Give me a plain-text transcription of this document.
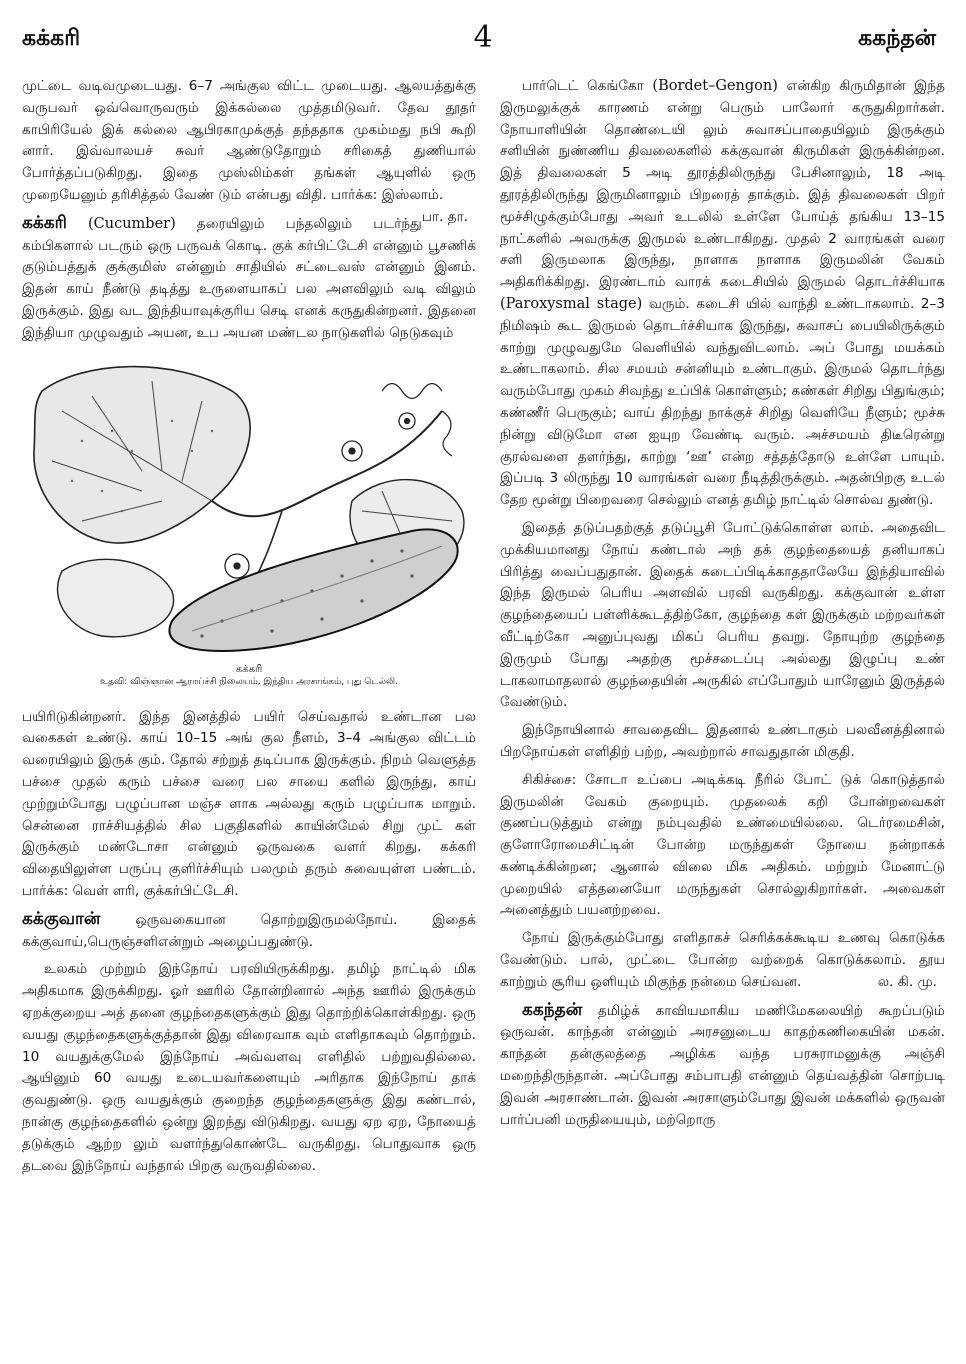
கக்கரி	4	ககந்தன்

முட்டை வடிவமுடையது. 6–7 அங்குல விட்ட முடையது. ஆலயத்துக்கு வருபவர் ஒவ்வொருவரும் இக்கல்லை முத்தமிடுவர். தேவ தூதர் காபிரியேல் இக் கல்லை ஆபிரகாமுக்குத் தந்ததாக முகம்மது நபி கூறி னார். இவ்வாலயச் சுவர் ஆண்டுதோறும் சரிகைத் துணியால் போர்த்தப்படுகிறது. இதை முஸ்லிம்கள் தங்கள் ஆயுளில் ஒரு முறையேனும் தரிசித்தல் வேண் டும் என்பது விதி. பார்க்க: இஸ்லாம்.
பா. தா.

கக்கரி (Cucumber) தரையிலும் பந்தலிலும் படர்ந்து கம்பிகளால் படரும் ஒரு பருவக் கொடி. குக் கர்பிட்டேசி என்னும் பூசணிக் குடும்பத்துக் குக்குமிஸ் என்னும் சாதியில் சட்டைவஸ் என்னும் இனம். இதன் காய் நீண்டு தடித்து உருளையாகப் பல அளவிலும் வடி விலும் இருக்கும். இது வட இந்தியாவுக்குரிய செடி எனக் கருதுகின்றனர். இதனை இந்தியா முழுவதும் அயன, உப அயன மண்டல நாடுகளில் நெடுகவும்

கக்கரி
உதவி: விஞ்ஞான ஆராய்ச்சி நிலையம், இந்திய அரசாங்கம், புது டெல்லி.

பயிரிடுகின்றனர். இந்த இனத்தில் பயிர் செய்வதால் உண்டான பல வகைகள் உண்டு. காய் 10–15 அங் குல நீளம், 3–4 அங்குல விட்டம் வரையிலும் இருக் கும். தோல் சற்றுத் தடிப்பாக இருக்கும். நிறம் வெளுத்த பச்சை முதல் கரும் பச்சை வரை பல சாயை களில் இருந்து, காய் முற்றும்போது பழுப்பான மஞ்ச ளாக அல்லது கரும் பழுப்பாக மாறும். சென்னை ராச்சியத்தில் சில பகுதிகளில் காயின்மேல் சிறு முட் கள் இருக்கும் மண்டோசா என்னும் ஒருவகை வளர் கிறது. கக்கரி விதையிலுள்ள பருப்பு குளிர்ச்சியும் பலமும் தரும் சுவையுள்ள பண்டம். பார்க்க: வெள் ளரி, குக்கர்பிட்டேசி.

கக்குவான்	ஒருவகையான தொற்றுஇருமல்நோய். இதைக் கக்குவாய்,பெருஞ்சளிஎன்றும் அழைப்பதுண்டு.

உலகம் முற்றும் இந்நோய் பரவியிருக்கிறது. தமிழ் நாட்டில் மிக அதிகமாக இருக்கிறது. ஓர் ஊரில் தோன்றினால் அந்த ஊரில் இருக்கும் ஏறக்குறைய அத் தனை குழந்தைகளுக்கும் இது தொற்றிக்கொள்கிறது. ஒரு வயது குழந்தைகளுக்குத்தான் இது விரைவாக வும் எளிதாகவும் தொற்றும். 10 வயதுக்குமேல் இந்நோய் அவ்வளவு எளிதில் பற்றுவதில்லை. ஆயினும் 60 வயது உடையவர்களையும் அரிதாக இந்நோய் தாக் குவதுண்டு. ஒரு வயதுக்கும் குறைந்த குழந்தைகளுக்கு இது கண்டால், நான்கு குழந்தைகளில் ஒன்று இறந்து விடுகிறது. வயது ஏற ஏற, நோயைத் தடுக்கும் ஆற்ற லும் வளர்ந்துகொண்டே வருகிறது. பொதுவாக ஒரு தடவை இந்நோய் வந்தால் பிறகு வருவதில்லை.

பார்டெட் கெங்கோ (Bordet–Gengon) என்கிற கிருமிதான் இந்த இருமலுக்குக் காரணம் என்று பெரும் பாலோர் கருதுகிறார்கள். நோயாளியின் தொண்டையி லும் சுவாசப்பாதையிலும் இருக்கும் சளியின் நுண்ணிய திவலைகளில் கக்குவான் கிருமிகள் இருக்கின்றன. இத் திவலைகள் 5 அடி தூரத்திலிருந்து பேசினாலும், 18 அடி தூரத்திலிருந்து இருமினாலும் பிறரைத் தாக்கும். இத் திவலைகள் பிறர் மூச்சிழுக்கும்போது அவர் உடலில் உள்ளே போய்த் தங்கிய 13–15 நாட்களில் அவருக்கு இருமல் உண்டாகிறது. முதல் 2 வாரங்கள் வரை சளி இருமலாக இருந்து, நாளாக நாளாக இருமலின் வேகம் அதிகரிக்கிறது. இரண்டாம் வாரக் கடைசியில் இருமல் தொடர்ச்சியாக (Paroxysmal stage) வரும். கடைசி யில் வாந்தி உண்டாகலாம். 2–3 நிமிஷம் கூட இருமல் தொடர்ச்சியாக இருந்து, சுவாசப் பையிலிருக்கும் காற்று முழுவதுமே வெளியில் வந்துவிடலாம். அப் போது மயக்கம் உண்டாகலாம். சில சமயம் சன்னியும் உண்டாகும். இருமல் தொடர்ந்து வரும்போது முகம் சிவந்து உப்பிக் கொள்ளும்; கண்கள் சிறிது பிதுங்கும்; கண்ணீர் பெருகும்; வாய் திறந்து நாக்குச் சிறிது வெளியே நீளும்; மூச்சு நின்று விடுமோ என ஐயுற வேண்டி வரும். அச்சமயம் திடீரென்று குரல்வளை தளர்ந்து, காற்று ‘ஊ’ என்ற சத்தத்தோடு உள்ளே பாயும். இப்படி 3 லிருந்து 10 வாரங்கள் வரை நீடித்திருக்கும். அதன்பிறகு உடல் தேற மூன்று பிறைவரை செல்லும் எனத் தமிழ் நாட்டில் சொல்வ துண்டு.

இதைத் தடுப்பதற்குத் தடுப்பூசி போட்டுக்கொள்ள லாம். அதைவிட முக்கியமானது நோய் கண்டால் அந் தக் குழந்தையைத் தனியாகப் பிரித்து வைப்பதுதான். இதைக் கடைப்பிடிக்காததாலேயே இந்தியாவில் இந்த இருமல் பெரிய அளவில் பரவி வருகிறது. கக்குவான் உள்ள குழந்தையைப் பள்ளிக்கூடத்திற்கோ, குழந்தை கள் இருக்கும் மற்றவர்கள் வீட்டிற்கோ அனுப்புவது மிகப் பெரிய தவறு. நோயுற்ற குழந்தை இருமும் போது அதற்கு மூச்சடைப்பு அல்லது இழுப்பு உண் டாகலாமாதலால் குழந்தையின் அருகில் எப்போதும் யாரேனும் இருத்தல் வேண்டும்.

இந்நோயினால் சாவதைவிட இதனால் உண்டாகும் பலவீனத்தினால் பிறநோய்கள் எளிதிற் பற்ற, அவற்றால் சாவதுதான் மிகுதி.

சிகிச்சை: சோடா உப்பை அடிக்கடி நீரில் போட் டுக் கொடுத்தால் இருமலின் வேகம் குறையும். முதலைக் கறி போன்றவைகள் குணப்படுத்தும் என்று நம்புவதில் உண்மையில்லை. டெர்ரமைசின், குளோரோமைசிட்டின் போன்ற மருந்துகள் நோயை நன்றாகக் கண்டிக்கின்றன; ஆனால் விலை மிக அதிகம். மற்றும் மேனாட்டு முறையில் எத்தனையோ மருந்துகள் சொல்லுகிறார்கள். அவைகள் அனைத்தும் பயனற்றவை.

நோய் இருக்கும்போது எளிதாகச் செரிக்கக்கூடிய உணவு கொடுக்க வேண்டும். பால், முட்டை போன்ற வற்றைக் கொடுக்கலாம். தூய காற்றும் சூரிய ஒளியும் மிகுந்த நன்மை செய்வன.	ல. கி. மு.

ககந்தன் தமிழ்க் காவியமாகிய மணிமேகலையிற் கூறப்படும் ஒருவன். காந்தன் என்னும் அரசனுடைய காதற்கணிகையின் மகன். காந்தன் தன்குலத்தை அழிக்க வந்த பரசுராமனுக்கு அஞ்சி மறைந்திருந்தான். அப்போது சம்பாபதி என்னும் தெய்வத்தின் சொற்படி இவன் அரசாண்டான். இவன் அரசாளும்போது இவன் மக்களில் ஒருவன் பார்ப்பனி மருதியையும், மற்றொரு
